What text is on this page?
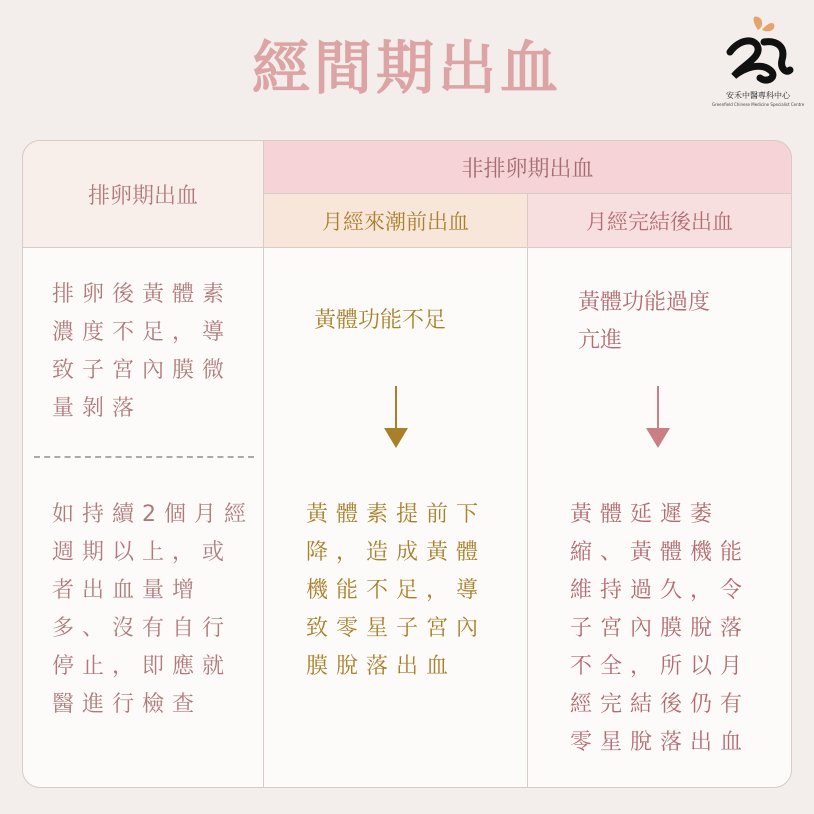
經間期出血	安禾中醫專科中心
Greenfield Chinese Medicine Specialist Centre
排卵期出血
非排卵期出血
月經來潮前出血	月經完結後出血
排卵後黃體素
濃度不足，導
致子宮內膜微
量剝落
如持續2個月經
週期以上，或
者出血量增
多、沒有自行
停止，即應就
醫進行檢查
黃體功能不足
黃體素提前下
降，造成黃體
機能不足，導
致零星子宮內
膜脫落出血
黃體功能過度
亢進
黃體延遲萎
縮、黃體機能
維持過久，令
子宮內膜脫落
不全，所以月
經完結後仍有
零星脫落出血
